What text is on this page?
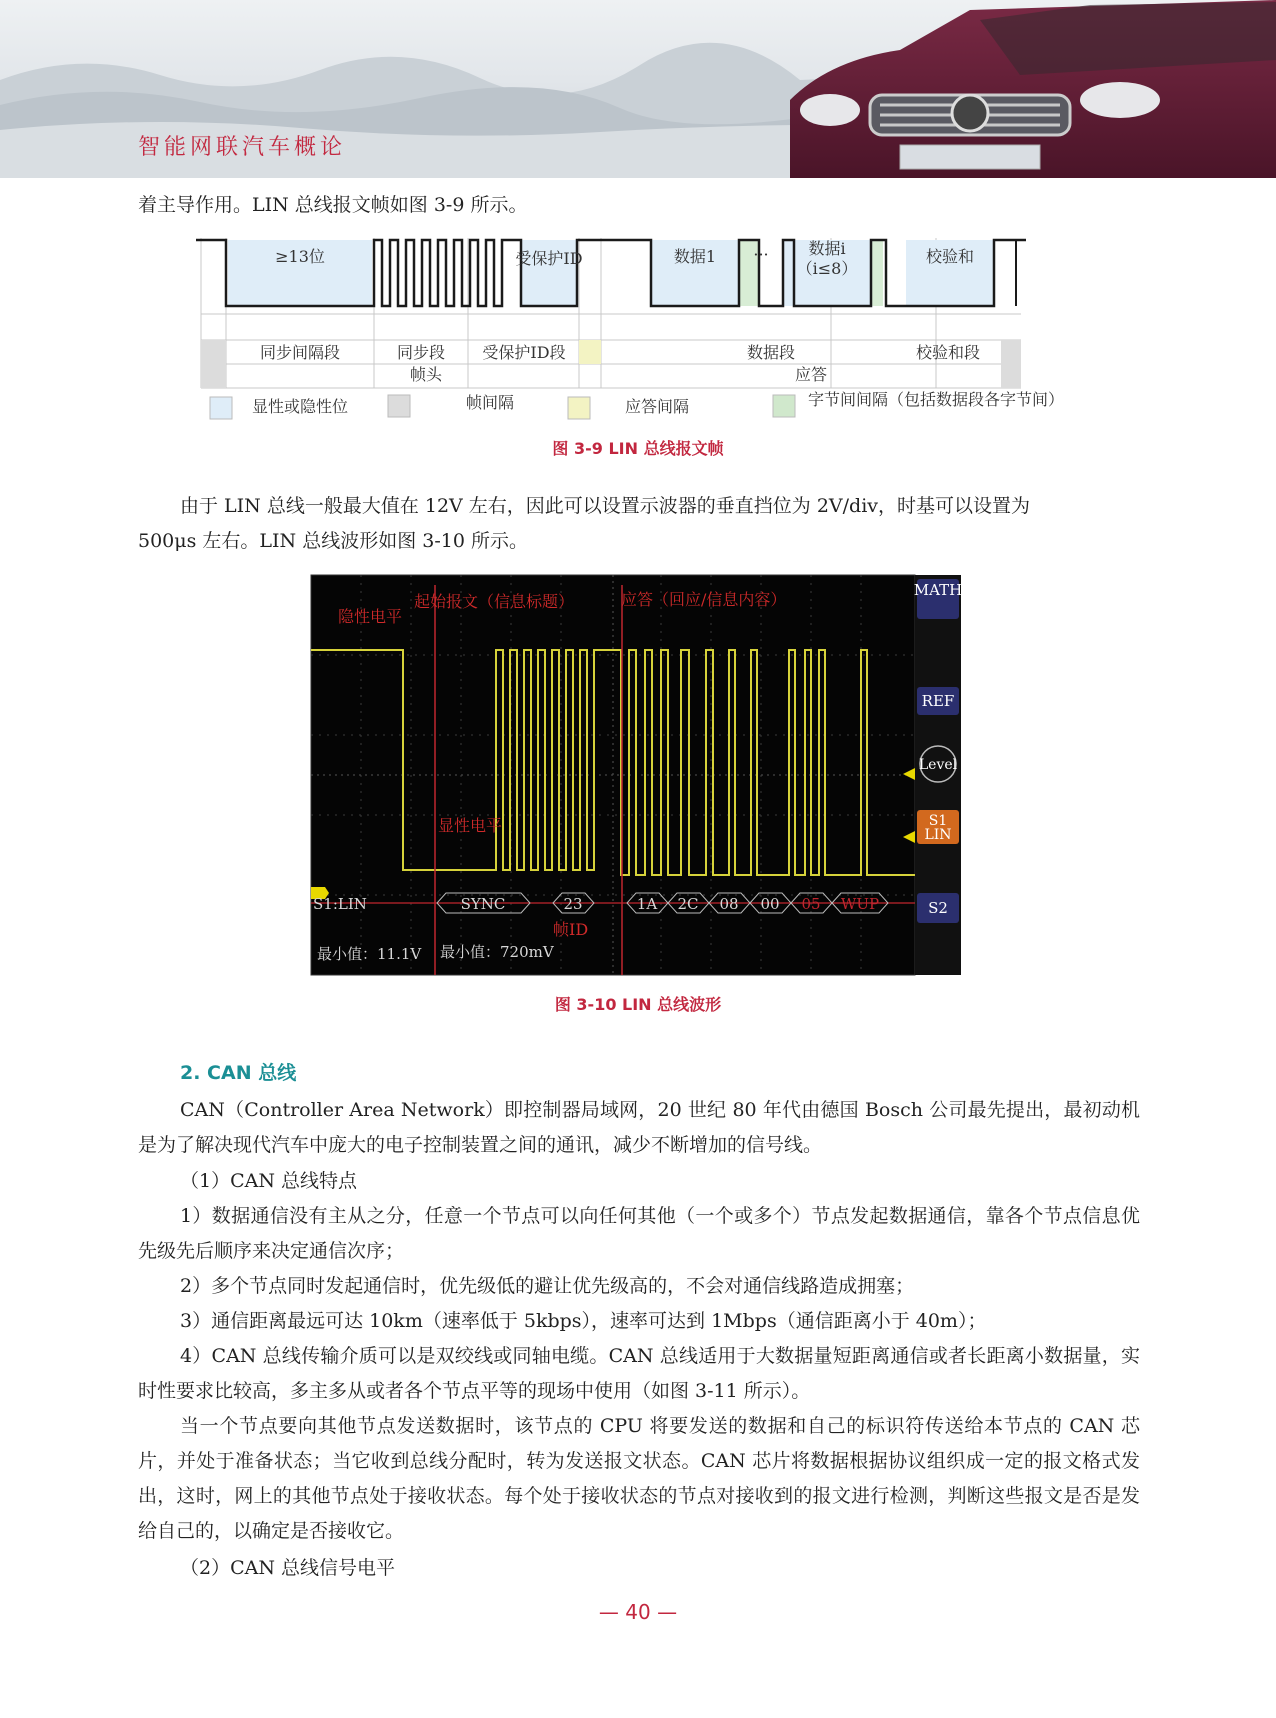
智能网联汽车概论

着主导作用。LIN 总线报文帧如图 3-9 所示。

≥13位	受保护ID	数据1 ··· 数据i
（i≤8）
校验和
同步间隔段	同步段 受保护ID段	数据段	校验和段
帧头	应答
显性或隐性位	帧间隔	应答间隔	字节间间隔（包括数据段各字节间）
图 3-9 LIN 总线报文帧

由于 LIN 总线一般最大值在 12V 左右，因此可以设置示波器的垂直挡位为 2V/div，时基可以设置为

500μs 左右。LIN 总线波形如图 3-10 所示。

S1:LIN	SYNC	23	1A 2C 08 00 05 WUP
隐性电平
起始报文（信息标题）	应答（回应/信息内容）
显性电平
帧ID
最小值：11.1V 最小值：720mV
MATH
REF
Level
S1
LIN
S2
图 3-10 LIN 总线波形
2. CAN 总线

CAN（Controller Area Network）即控制器局域网，20 世纪 80 年代由德国 Bosch 公司最先提出，最初动机是为了解决现代汽车中庞大的电子控制装置之间的通讯，减少不断增加的信号线。

（1）CAN 总线特点

1）数据通信没有主从之分，任意一个节点可以向任何其他（一个或多个）节点发起数据通信，靠各个节点信息优先级先后顺序来决定通信次序；

2）多个节点同时发起通信时，优先级低的避让优先级高的，不会对通信线路造成拥塞；

3）通信距离最远可达 10km（速率低于 5kbps），速率可达到 1Mbps（通信距离小于 40m）；

4）CAN 总线传输介质可以是双绞线或同轴电缆。CAN 总线适用于大数据量短距离通信或者长距离小数据量，实时性要求比较高，多主多从或者各个节点平等的现场中使用（如图 3-11 所示）。

当一个节点要向其他节点发送数据时，该节点的 CPU 将要发送的数据和自己的标识符传送给本节点的 CAN 芯片，并处于准备状态；当它收到总线分配时，转为发送报文状态。CAN 芯片将数据根据协议组织成一定的报文格式发出，这时，网上的其他节点处于接收状态。每个处于接收状态的节点对接收到的报文进行检测，判断这些报文是否是发给自己的，以确定是否接收它。

（2）CAN 总线信号电平

— 40 —
